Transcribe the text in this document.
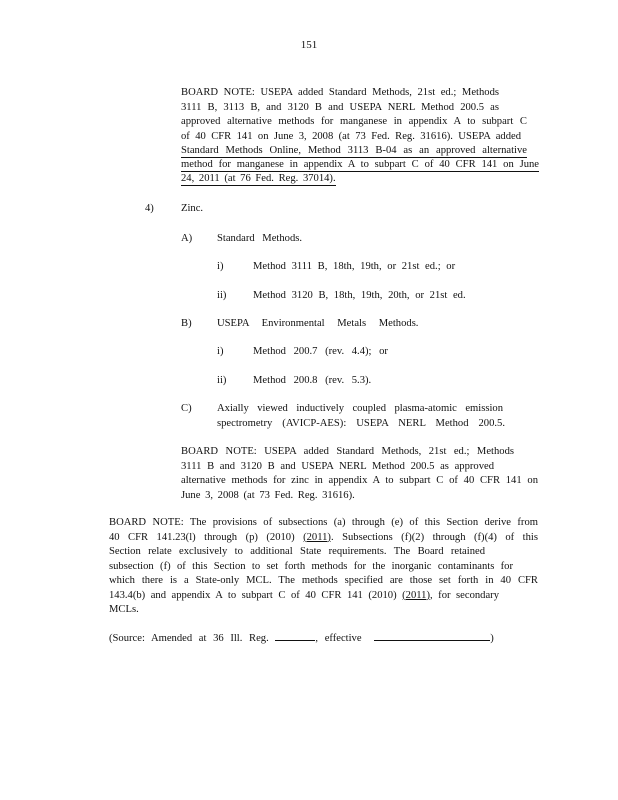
151
BOARD NOTE: USEPA added Standard Methods, 21st ed.; Methods
3111 B, 3113 B, and 3120 B and USEPA NERL Method 200.5 as
approved alternative methods for manganese in appendix A to subpart C
of 40 CFR 141 on June 3, 2008 (at 73 Fed. Reg. 31616). USEPA added
Standard Methods Online, Method 3113 B-04 as an approved alternative
method for manganese in appendix A to subpart C of 40 CFR 141 on June
24, 2011 (at 76 Fed. Reg. 37014).
4)	Zinc.
A) Standard Methods.
i)	Method 3111 B, 18th, 19th, or 21st ed.; or
ii)	Method 3120 B, 18th, 19th, 20th, or 21st ed.
B) USEPA Environmental Metals Methods.
i)	Method 200.7 (rev. 4.4); or
ii)	Method 200.8 (rev. 5.3).
C) Axially viewed inductively coupled plasma-atomic emission
spectrometry (AVICP-AES): USEPA NERL Method 200.5.
BOARD NOTE: USEPA added Standard Methods, 21st ed.; Methods
3111 B and 3120 B and USEPA NERL Method 200.5 as approved
alternative methods for zinc in appendix A to subpart C of 40 CFR 141 on
June 3, 2008 (at 73 Fed. Reg. 31616).
BOARD NOTE: The provisions of subsections (a) through (e) of this Section derive from
40 CFR 141.23(l) through (p) (2010) (2011). Subsections (f)(2) through (f)(4) of this
Section relate exclusively to additional State requirements. The Board retained
subsection (f) of this Section to set forth methods for the inorganic contaminants for
which there is a State-only MCL. The methods specified are those set forth in 40 CFR
143.4(b) and appendix A to subpart C of 40 CFR 141 (2010) (2011), for secondary
MCLs.
(Source: Amended at 36 Ill. Reg.	, effective	)
